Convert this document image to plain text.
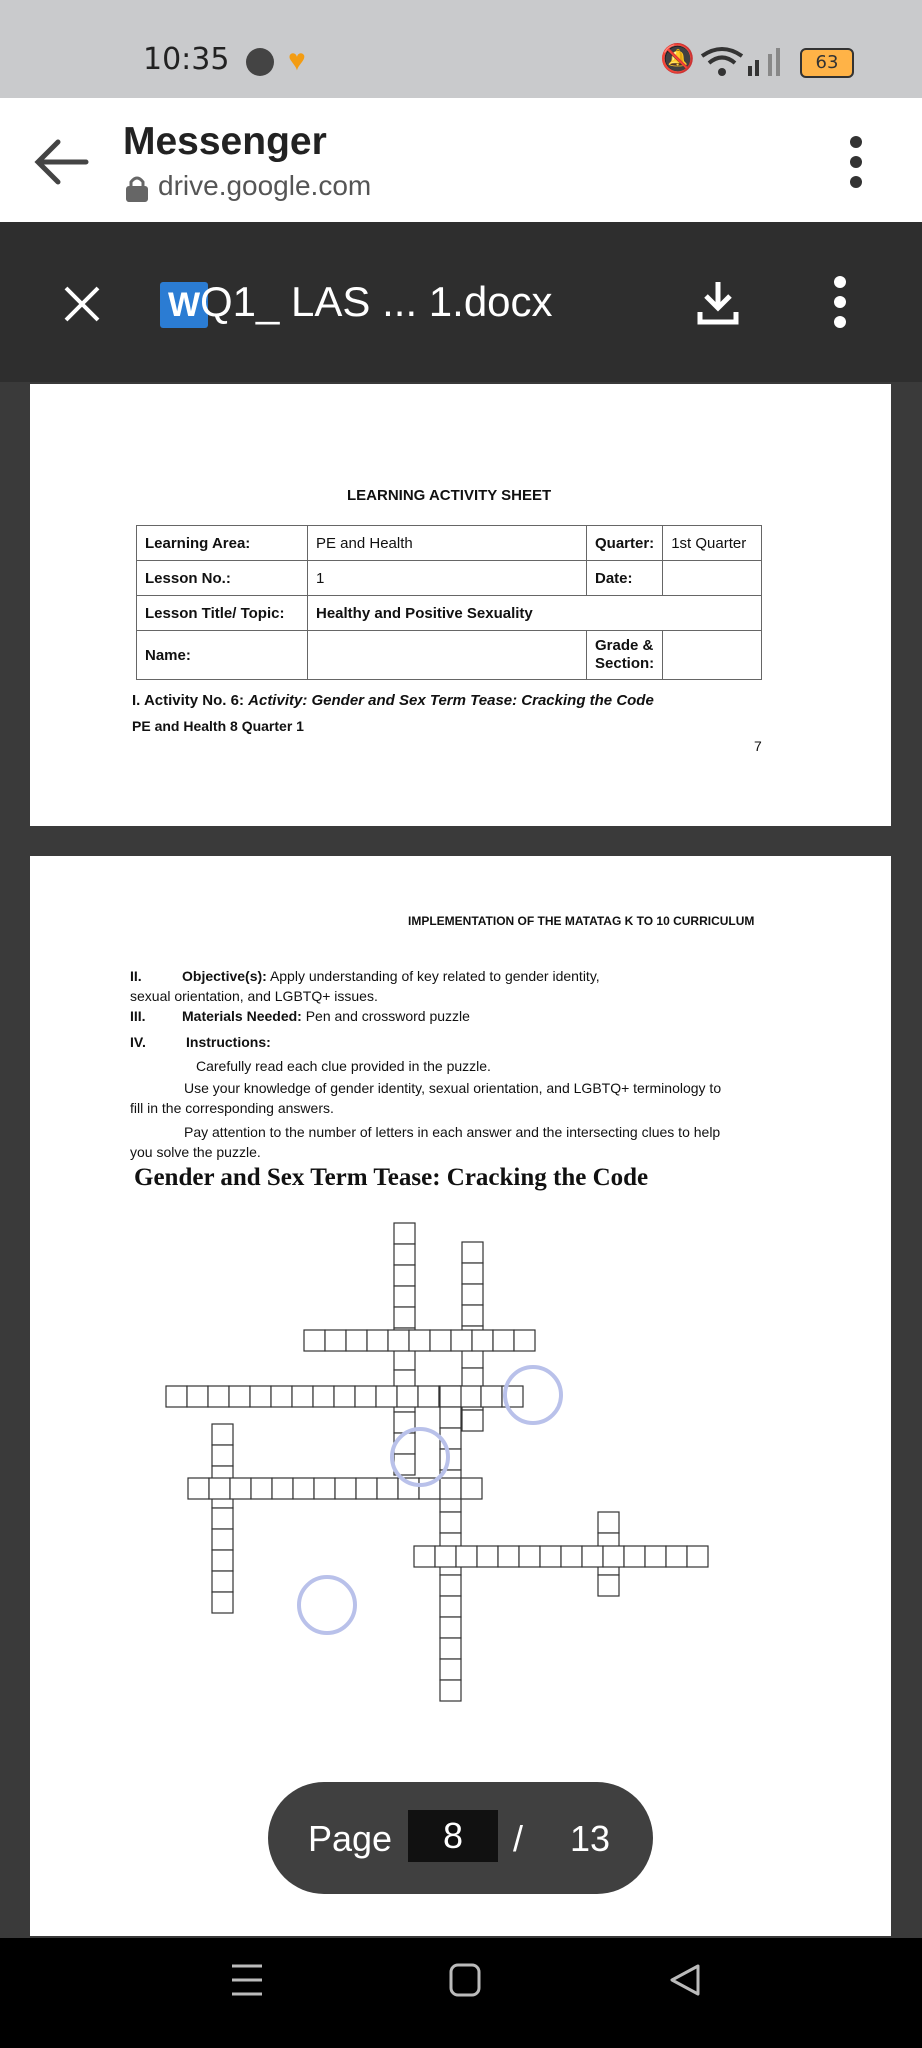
10:35 ♥	🔕	63
Messenger
drive.google.com
W Q1_ LAS ... 1.docx
LEARNING ACTIVITY SHEET
Learning Area:	PE and Health	Quarter:	1st Quarter
Lesson No.:	1	Date:	
Lesson Title/ Topic:	Healthy and Positive Sexuality		
Name:		Grade &
Section:	

I. Activity No. 6: Activity: Gender and Sex Term Tease: Cracking the Code
PE and Health 8 Quarter 1
7
IMPLEMENTATION OF THE MATATAG K TO 10 CURRICULUM
II.	Objective(s): Apply understanding of key related to gender identity,
sexual orientation, and LGBTQ+ issues.
III.	Materials Needed: Pen and crossword puzzle
IV.	Instructions:
Carefully read each clue provided in the puzzle.
Use your knowledge of gender identity, sexual orientation, and LGBTQ+ terminology to
fill in the corresponding answers.
Pay attention to the number of letters in each answer and the intersecting clues to help
you solve the puzzle.
Gender and Sex Term Tease: Cracking the Code
Page	8	/ 13
